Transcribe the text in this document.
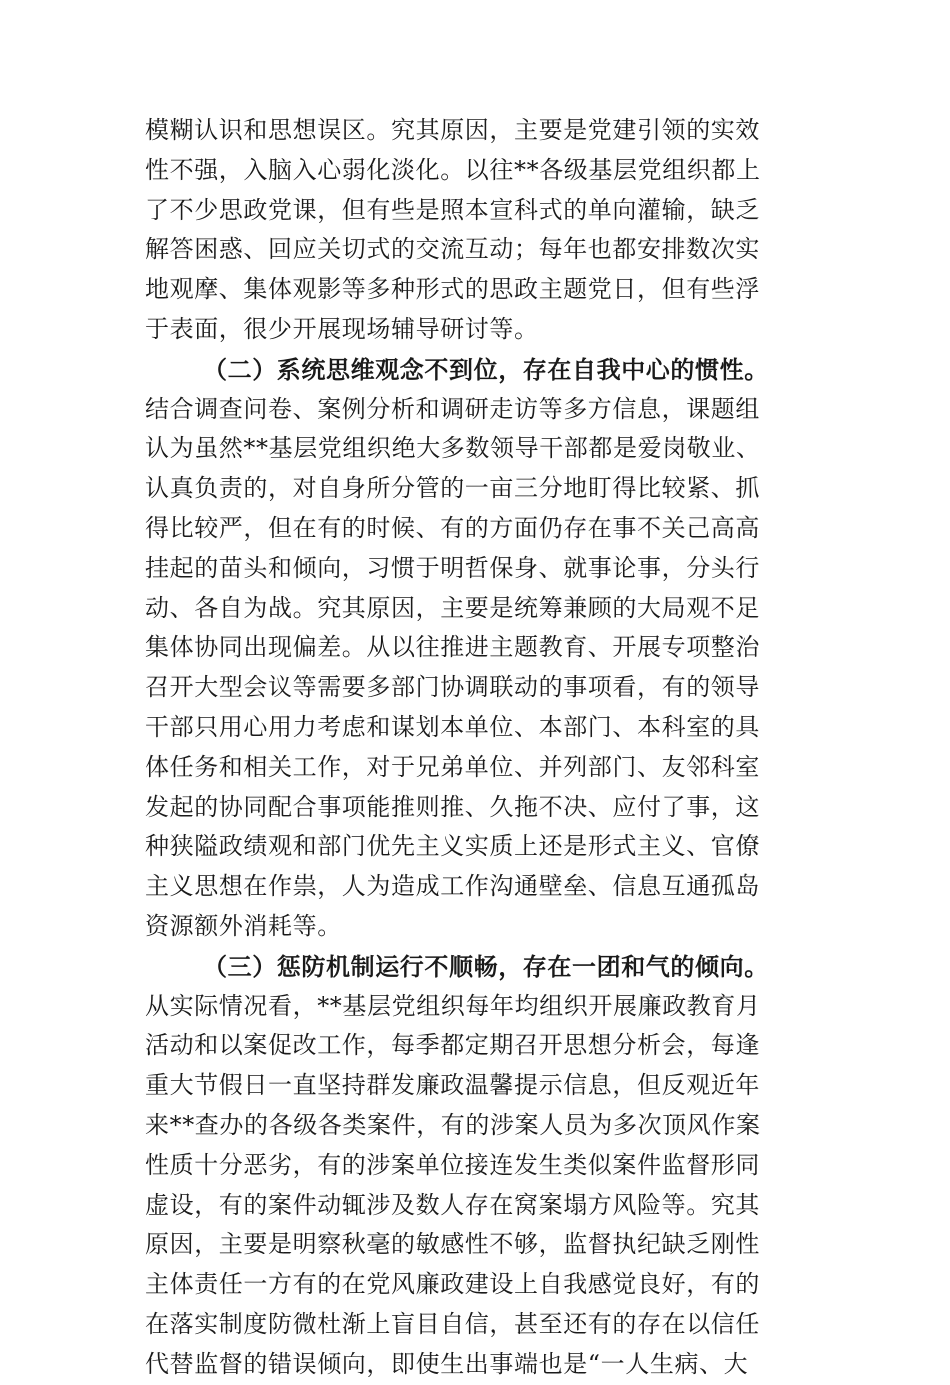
模糊认识和思想误区。究其原因，主要是党建引领的实效
性不强，入脑入心弱化淡化。以往**各级基层党组织都上
了不少思政党课，但有些是照本宣科式的单向灌输，缺乏
解答困惑、回应关切式的交流互动；每年也都安排数次实
地观摩、集体观影等多种形式的思政主题党日，但有些浮
于表面，很少开展现场辅导研讨等。
（二）系统思维观念不到位，存在自我中心的惯性。
结合调查问卷、案例分析和调研走访等多方信息，课题组
认为虽然**基层党组织绝大多数领导干部都是爱岗敬业、
认真负责的，对自身所分管的一亩三分地盯得比较紧、抓
得比较严，但在有的时候、有的方面仍存在事不关己高高
挂起的苗头和倾向，习惯于明哲保身、就事论事，分头行
动、各自为战。究其原因，主要是统筹兼顾的大局观不足
集体协同出现偏差。从以往推进主题教育、开展专项整治
召开大型会议等需要多部门协调联动的事项看，有的领导
干部只用心用力考虑和谋划本单位、本部门、本科室的具
体任务和相关工作，对于兄弟单位、并列部门、友邻科室
发起的协同配合事项能推则推、久拖不决、应付了事，这
种狭隘政绩观和部门优先主义实质上还是形式主义、官僚
主义思想在作祟，人为造成工作沟通壁垒、信息互通孤岛
资源额外消耗等。
（三）惩防机制运行不顺畅，存在一团和气的倾向。
从实际情况看，**基层党组织每年均组织开展廉政教育月
活动和以案促改工作，每季都定期召开思想分析会，每逢
重大节假日一直坚持群发廉政温馨提示信息，但反观近年
来**查办的各级各类案件，有的涉案人员为多次顶风作案
性质十分恶劣，有的涉案单位接连发生类似案件监督形同
虚设，有的案件动辄涉及数人存在窝案塌方风险等。究其
原因，主要是明察秋毫的敏感性不够，监督执纪缺乏刚性
主体责任一方有的在党风廉政建设上自我感觉良好，有的
在落实制度防微杜渐上盲目自信，甚至还有的存在以信任
代替监督的错误倾向，即使生出事端也是“一人生病、大
